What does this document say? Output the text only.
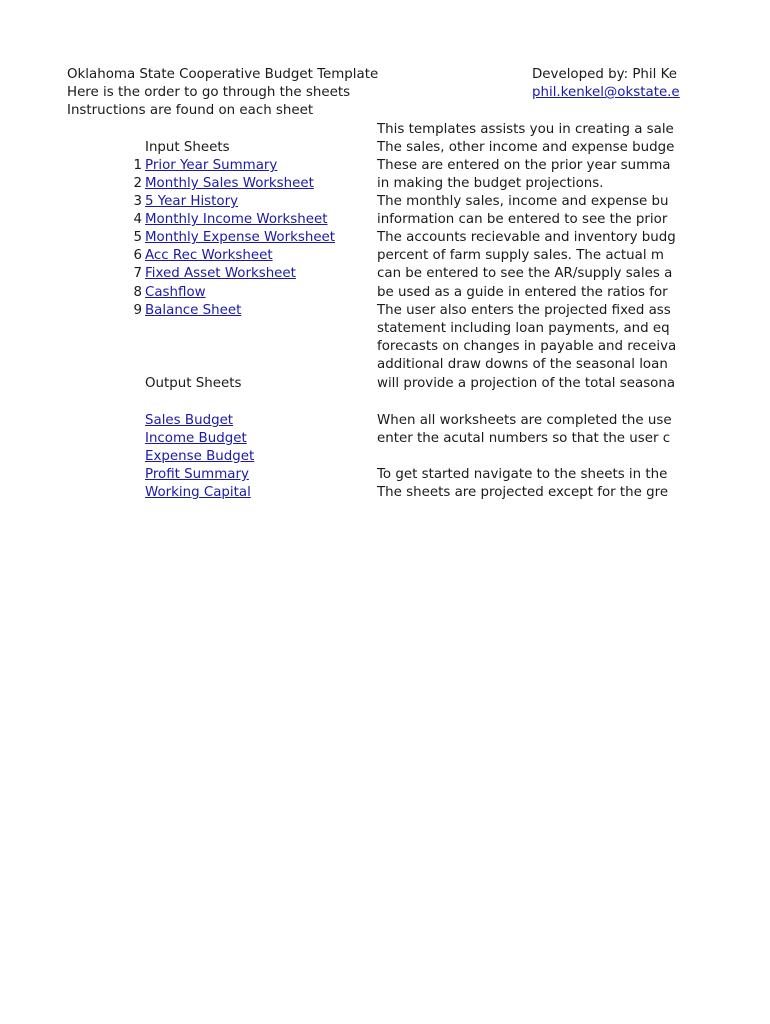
Oklahoma State Cooperative Budget Template
Here is the order to go through the sheets
Instructions are found on each sheet
Developed by: Phil Ke
phil.kenkel@okstate.e
Input Sheets
1 Prior Year Summary
2 Monthly Sales Worksheet
3 5 Year History
4 Monthly Income Worksheet
5 Monthly Expense Worksheet
6 Acc Rec Worksheet
7 Fixed Asset Worksheet
8 Cashflow
9 Balance Sheet
Output Sheets
Sales Budget
Income Budget
Expense Budget
Profit Summary
Working Capital
This templates assists you in creating a sale
The sales, other income and expense budge
These are entered on the prior year summa
in making the budget projections.
The monthly sales, income and expense bu
information can be entered to see the prior
The accounts recievable and inventory budg
percent of farm supply sales. The actual m
can be entered to see the AR/supply sales a
be used as a guide in entered the ratios for
The user also enters the projected fixed ass
statement including loan payments, and eq
forecasts on changes in payable and receiva
additional draw downs of the seasonal loan
will provide a projection of the total seasona
When all worksheets are completed the use
enter the acutal numbers so that the user c
To get started navigate to the sheets in the
The sheets are projected except for the gre
